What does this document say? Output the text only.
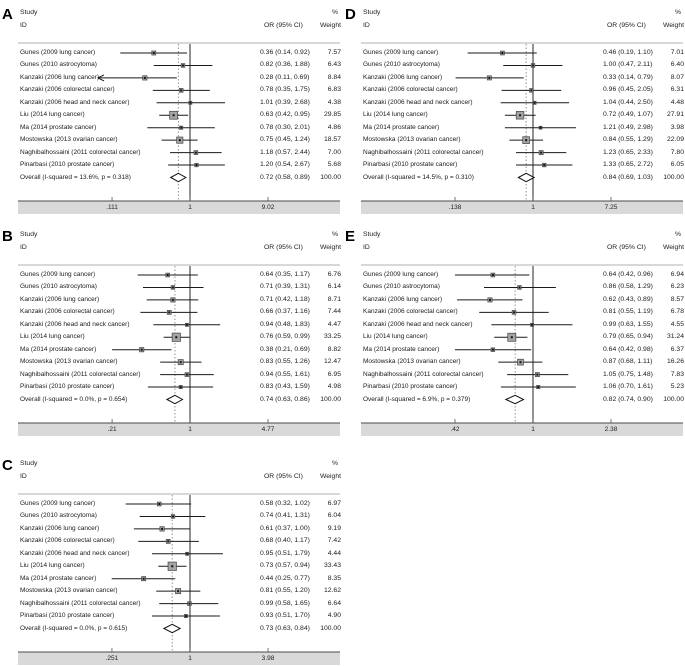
A Study
ID
%
OR (95% CI)	Weight
Gunes (2009 lung cancer)	0.36 (0.14, 0.92)	7.57
Gunes (2010 astrocytoma)	0.82 (0.36, 1.88)	6.43
Kanzaki (2006 lung cancer)	0.28 (0.11, 0.69)	8.84
Kanzaki (2006 colorectal cancer)	0.78 (0.35, 1.75)	6.83
Kanzaki (2006 head and neck cancer)	1.01 (0.39, 2.68)	4.38
Liu (2014 lung cancer)	0.63 (0.42, 0.95) 29.85
Ma (2014 prostate cancer)	0.78 (0.30, 2.01)	4.86
Mostowska (2013 ovarian cancer)	0.75 (0.45, 1.24) 18.57
Naghibalhossaini (2011 colorectal cancer)	1.18 (0.57, 2.44)	7.00
Pinarbasi (2010 prostate cancer)	1.20 (0.54, 2.67)	5.68
Overall (I-squared = 13.6%, p = 0.318)	0.72 (0.58, 0.89) 100.00
.111	1	9.02
B Study
ID
%
OR (95% CI)	Weight
Gunes (2009 lung cancer)	0.64 (0.35, 1.17)	6.76
Gunes (2010 astrocytoma)	0.71 (0.39, 1.31)	6.14
Kanzaki (2006 lung cancer)	0.71 (0.42, 1.18)	8.71
Kanzaki (2006 colorectal cancer)	0.66 (0.37, 1.16)	7.44
Kanzaki (2006 head and neck cancer)	0.94 (0.48, 1.83)	4.47
Liu (2014 lung cancer)	0.76 (0.59, 0.99) 33.25
Ma (2014 prostate cancer)	0.38 (0.21, 0.69)	8.82
Mostowska (2013 ovarian cancer)	0.83 (0.55, 1.26) 12.47
Naghibalhossaini (2011 colorectal cancer)	0.94 (0.55, 1.61)	6.95
Pinarbasi (2010 prostate cancer)	0.83 (0.43, 1.59)	4.98
Overall (I-squared = 0.0%, p = 0.654)	0.74 (0.63, 0.86) 100.00
.21	1	4.77
C Study
ID
%
OR (95% CI)	Weight
Gunes (2009 lung cancer)	0.58 (0.32, 1.02)	6.97
Gunes (2010 astrocytoma)	0.74 (0.41, 1.31)	6.04
Kanzaki (2006 lung cancer)	0.61 (0.37, 1.00)	9.19
Kanzaki (2006 colorectal cancer)	0.68 (0.40, 1.17)	7.42
Kanzaki (2006 head and neck cancer)	0.95 (0.51, 1.79)	4.44
Liu (2014 lung cancer)	0.73 (0.57, 0.94) 33.43
Ma (2014 prostate cancer)	0.44 (0.25, 0.77)	8.35
Mostowska (2013 ovarian cancer)	0.81 (0.55, 1.20) 12.62
Naghibalhossaini (2011 colorectal cancer)	0.99 (0.58, 1.65)	6.64
Pinarbasi (2010 prostate cancer)	0.93 (0.51, 1.70)	4.90
Overall (I-squared = 0.0%, p = 0.615)	0.73 (0.63, 0.84) 100.00
.251	1	3.98
D Study
ID
%
OR (95% CI)	Weight
Gunes (2009 lung cancer)	0.46 (0.19, 1.10)	7.01
Gunes (2010 astrocytoma)	1.00 (0.47, 2.11)	6.40
Kanzaki (2006 lung cancer)	0.33 (0.14, 0.79)	8.07
Kanzaki (2006 colorectal cancer)	0.96 (0.45, 2.05)	6.31
Kanzaki (2006 head and neck cancer)	1.04 (0.44, 2.50)	4.48
Liu (2014 lung cancer)	0.72 (0.49, 1.07) 27.91
Ma (2014 prostate cancer)	1.21 (0.49, 2.98)	3.98
Mostowska (2013 ovarian cancer)	0.84 (0.55, 1.29) 22.09
Naghibalhossaini (2011 colorectal cancer)	1.23 (0.65, 2.33)	7.80
Pinarbasi (2010 prostate cancer)	1.33 (0.65, 2.72)	6.05
Overall (I-squared = 14.5%, p = 0.310)	0.84 (0.69, 1.03) 100.00
.138	1	7.25
E Study
ID
%
OR (95% CI)	Weight
Gunes (2009 lung cancer)	0.64 (0.42, 0.96)	6.94
Gunes (2010 astrocytoma)	0.86 (0.58, 1.29)	6.23
Kanzaki (2006 lung cancer)	0.62 (0.43, 0.89)	8.57
Kanzaki (2006 colorectal cancer)	0.81 (0.55, 1.19)	6.78
Kanzaki (2006 head and neck cancer)	0.99 (0.63, 1.55)	4.55
Liu (2014 lung cancer)	0.79 (0.65, 0.94) 31.24
Ma (2014 prostate cancer)	0.64 (0.42, 0.98)	6.37
Mostowska (2013 ovarian cancer)	0.87 (0.68, 1.11) 16.26
Naghibalhossaini (2011 colorectal cancer)	1.05 (0.75, 1.48)	7.83
Pinarbasi (2010 prostate cancer)	1.06 (0.70, 1.61)	5.23
Overall (I-squared = 6.9%, p = 0.379)	0.82 (0.74, 0.90) 100.00
.42	1	2.38
